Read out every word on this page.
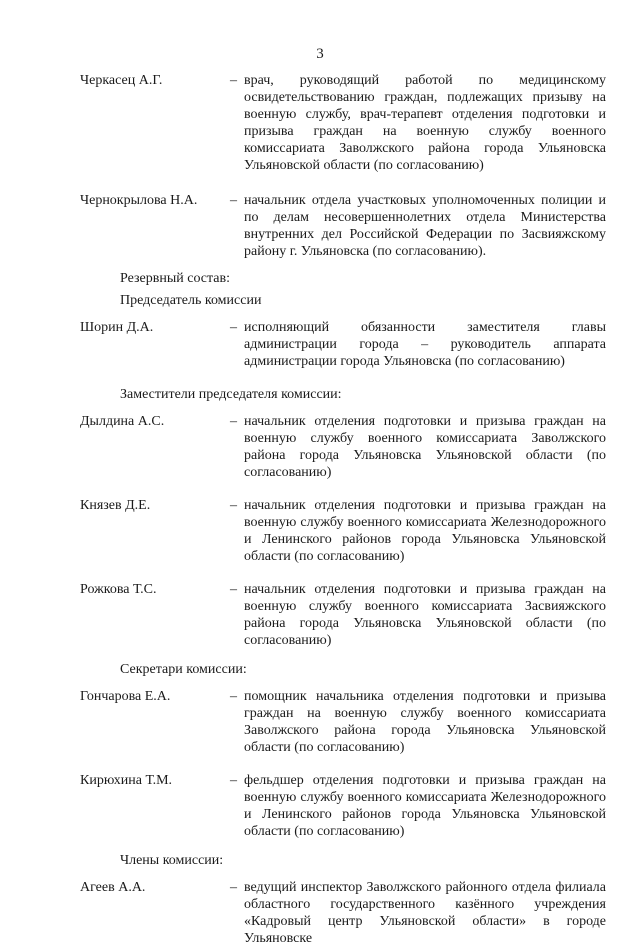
3
Черкасец А.Г.	– врач, руководящий работой по медицинскому освидетельствованию граждан, подлежащих призыву на военную службу, врач-терапевт отделения подготовки и призыва граждан на военную службу военного комиссариата Заволжского района города Ульяновска Ульяновской области (по согласованию)
Чернокрылова Н.А. – начальник отдела участковых уполномоченных полиции и по делам несовершеннолетних отдела Министерства внутренних дел Российской Федерации по Засвияжскому району г. Ульяновска (по согласованию).
Резервный состав:
Председатель комиссии
Шорин Д.А.	– исполняющий обязанности заместителя главы администрации города – руководитель аппарата администрации города Ульяновска (по согласованию)
Заместители председателя комиссии:
Дылдина А.С.	– начальник отделения подготовки и призыва граждан на военную службу военного комиссариата Заволжского района города Ульяновска Ульяновской области (по согласованию)
Князев Д.Е.	– начальник отделения подготовки и призыва граждан на военную службу военного комиссариата Железнодорожного и Ленинского районов города Ульяновска Ульяновской области (по согласованию)
Рожкова Т.С.	– начальник отделения подготовки и призыва граждан на военную службу военного комиссариата Засвияжского района города Ульяновска Ульяновской области (по согласованию)
Секретари комиссии:
Гончарова Е.А.	– помощник начальника отделения подготовки и призыва граждан на военную службу военного комиссариата Заволжского района города Ульяновска Ульяновской области (по согласованию)
Кирюхина Т.М.	– фельдшер отделения подготовки и призыва граждан на военную службу военного комиссариата Железнодорожного и Ленинского районов города Ульяновска Ульяновской области (по согласованию)
Члены комиссии:
Агеев А.А.	– ведущий инспектор Заволжского районного отдела филиала областного государственного казённого учреждения «Кадровый центр Ульяновской области» в городе Ульяновске
